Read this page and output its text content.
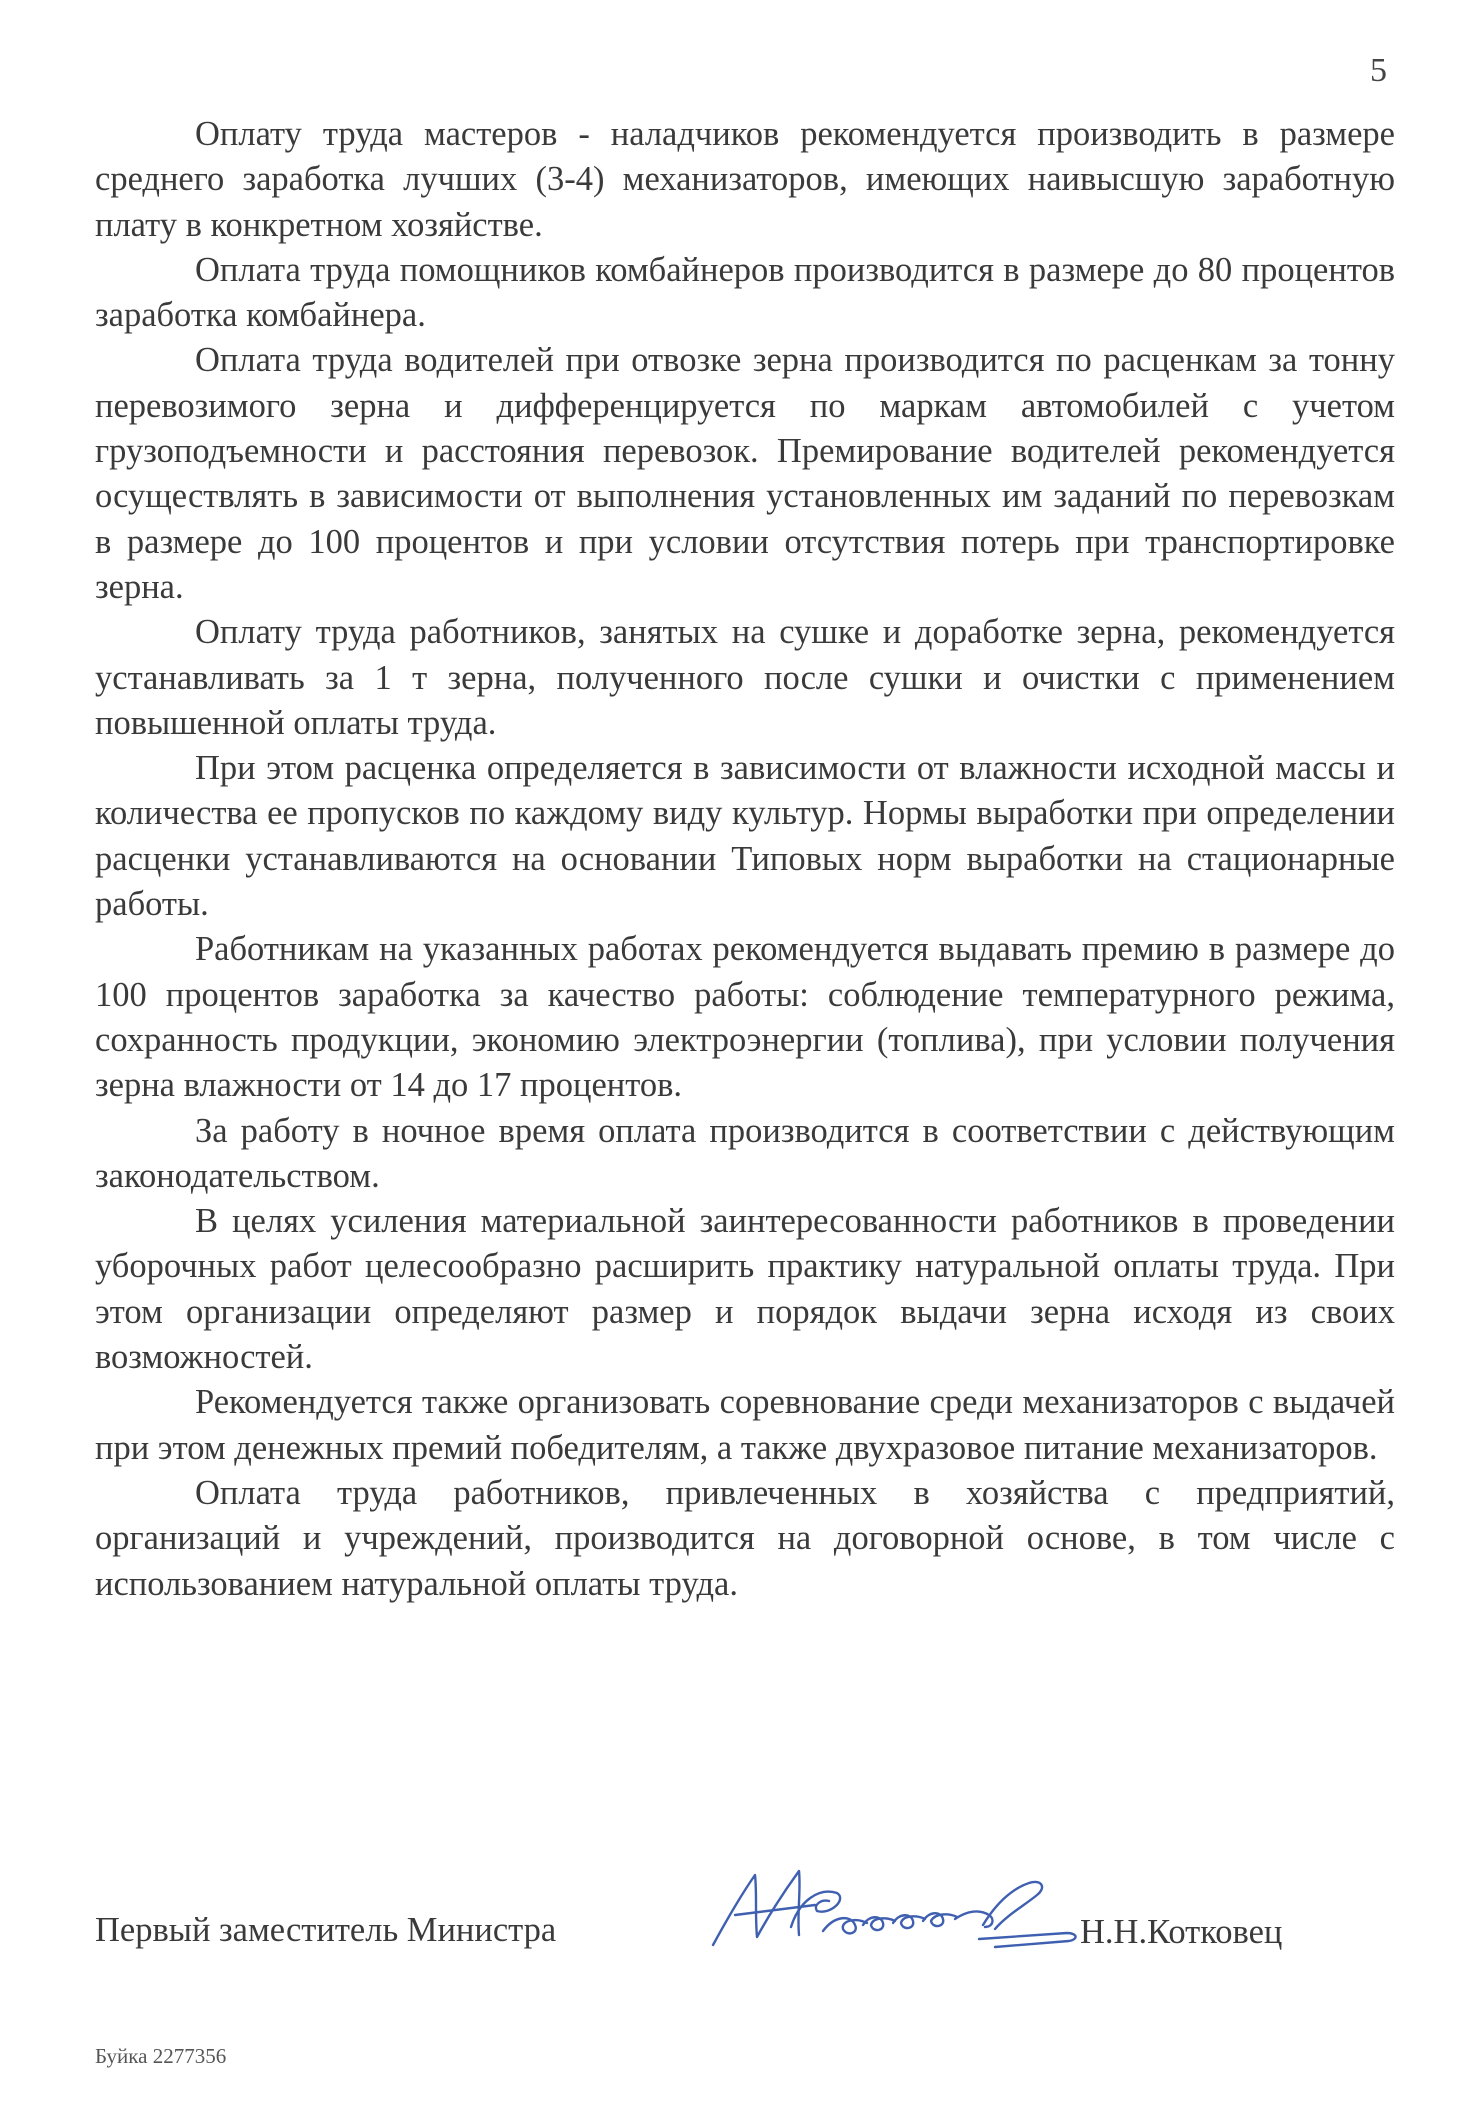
5

Оплату труда мастеров - наладчиков рекомендуется производить в размере среднего заработка лучших (3-4) механизаторов, имеющих наивысшую заработную плату в конкретном хозяйстве.

Оплата труда помощников комбайнеров производится в размере до 80 процентов заработка комбайнера.

Оплата труда водителей при отвозке зерна производится по расценкам за тонну перевозимого зерна и дифференцируется по маркам автомобилей с учетом грузоподъемности и расстояния перевозок. Премирование водителей рекомендуется осуществлять в зависимости от выполнения установленных им заданий по перевозкам в размере до 100 процентов и при условии отсутствия потерь при транспортировке зерна.

Оплату труда работников, занятых на сушке и доработке зерна, рекомендуется устанавливать за 1 т зерна, полученного после сушки и очистки с применением повышенной оплаты труда.

При этом расценка определяется в зависимости от влажности исходной массы и количества ее пропусков по каждому виду культур. Нормы выработки при определении расценки устанавливаются на основании Типовых норм выработки на стационарные работы.

Работникам на указанных работах рекомендуется выдавать премию в размере до 100 процентов заработка за качество работы: соблюдение температурного режима, сохранность продукции, экономию электроэнергии (топлива), при условии получения зерна влажности от 14 до 17 процентов.

За работу в ночное время оплата производится в соответствии с действующим законодательством.

В целях усиления материальной заинтересованности работников в проведении уборочных работ целесообразно расширить практику натуральной оплаты труда. При этом организации определяют размер и порядок выдачи зерна исходя из своих возможностей.

Рекомендуется также организовать соревнование среди механизаторов с выдачей при этом денежных премий победителям, а также двухразовое питание механизаторов.

Оплата труда работников, привлеченных в хозяйства с предприятий, организаций и учреждений, производится на договорной основе, в том числе с использованием натуральной оплаты труда.

Первый заместитель Министра	Н.Н.Котковец
Буйка 2277356
